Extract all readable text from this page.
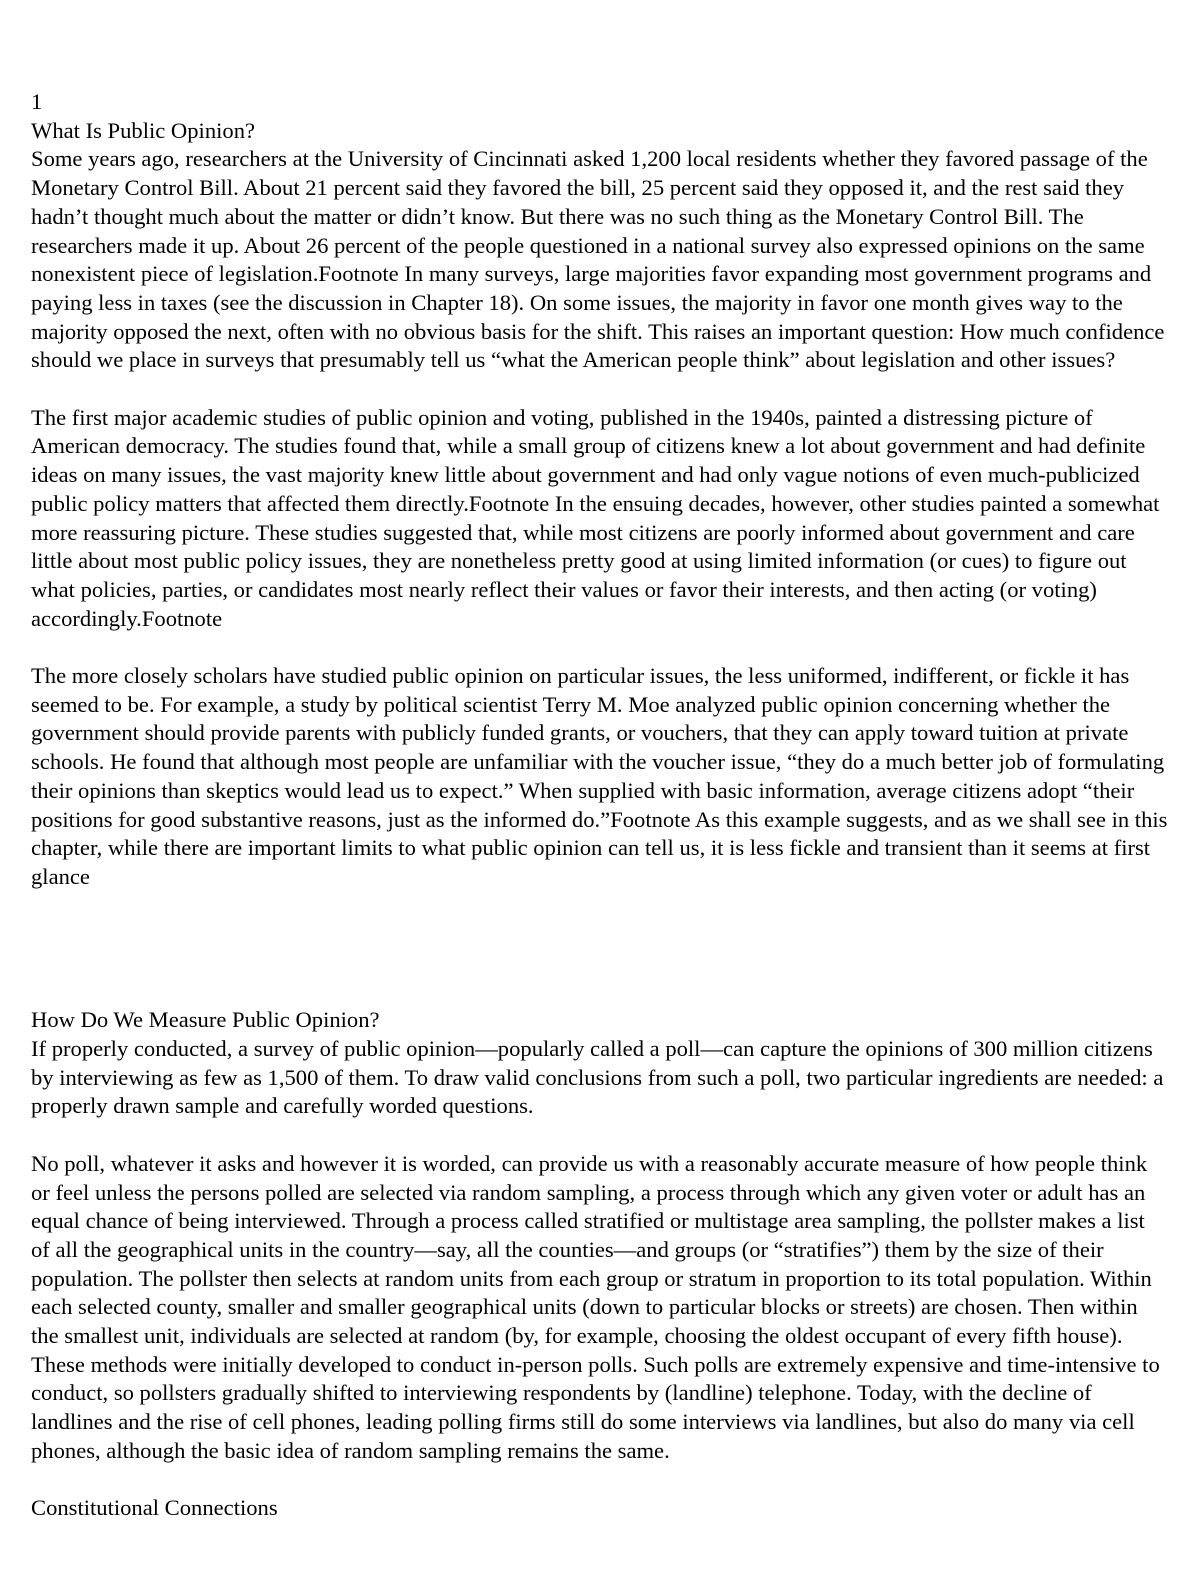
1
What Is Public Opinion?

Some years ago, researchers at the University of Cincinnati asked 1,200 local residents whether they favored passage of the Monetary Control Bill. About 21 percent said they favored the bill, 25 percent said they opposed it, and the rest said they hadn’t thought much about the matter or didn’t know. But there was no such thing as the Monetary Control Bill. The researchers made it up. About 26 percent of the people questioned in a national survey also expressed opinions on the same nonexistent piece of legislation.Footnote In many surveys, large majorities favor expanding most government programs and paying less in taxes (see the discussion in Chapter 18). On some issues, the majority in favor one month gives way to the majority opposed the next, often with no obvious basis for the shift. This raises an important question: How much confidence should we place in surveys that presumably tell us “what the American people think” about legislation and other issues?

The first major academic studies of public opinion and voting, published in the 1940s, painted a distressing picture of American democracy. The studies found that, while a small group of citizens knew a lot about government and had definite ideas on many issues, the vast majority knew little about government and had only vague notions of even much-publicized public policy matters that affected them directly.Footnote In the ensuing decades, however, other studies painted a somewhat more reassuring picture. These studies suggested that, while most citizens are poorly informed about government and care little about most public policy issues, they are nonetheless pretty good at using limited information (or cues) to figure out what policies, parties, or candidates most nearly reflect their values or favor their interests, and then acting (or voting) accordingly.Footnote

The more closely scholars have studied public opinion on particular issues, the less uniformed, indifferent, or fickle it has seemed to be. For example, a study by political scientist Terry M. Moe analyzed public opinion concerning whether the government should provide parents with publicly funded grants, or vouchers, that they can apply toward tuition at private schools. He found that although most people are unfamiliar with the voucher issue, “they do a much better job of formulating their opinions than skeptics would lead us to expect.” When supplied with basic information, average citizens adopt “their positions for good substantive reasons, just as the informed do.”Footnote As this example suggests, and as we shall see in this chapter, while there are important limits to what public opinion can tell us, it is less fickle and transient than it seems at first glance

How Do We Measure Public Opinion?

If properly conducted, a survey of public opinion—popularly called a poll—can capture the opinions of 300 million citizens by interviewing as few as 1,500 of them. To draw valid conclusions from such a poll, two particular ingredients are needed: a properly drawn sample and carefully worded questions.

No poll, whatever it asks and however it is worded, can provide us with a reasonably accurate measure of how people think or feel unless the persons polled are selected via random sampling, a process through which any given voter or adult has an equal chance of being interviewed. Through a process called stratified or multistage area sampling, the pollster makes a list of all the geographical units in the country—say, all the counties—and groups (or “stratifies”) them by the size of their population. The pollster then selects at random units from each group or stratum in proportion to its total population. Within each selected county, smaller and smaller geographical units (down to particular blocks or streets) are chosen. Then within the smallest unit, individuals are selected at random (by, for example, choosing the oldest occupant of every fifth house). These methods were initially developed to conduct in-person polls. Such polls are extremely expensive and time-intensive to conduct, so pollsters gradually shifted to interviewing respondents by (landline) telephone. Today, with the decline of landlines and the rise of cell phones, leading polling firms still do some interviews via landlines, but also do many via cell phones, although the basic idea of random sampling remains the same.

Constitutional Connections
